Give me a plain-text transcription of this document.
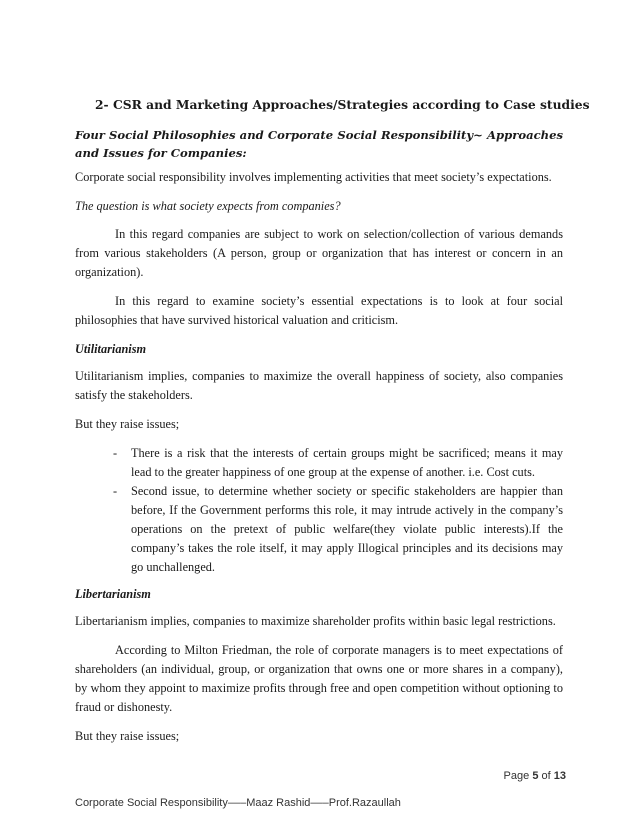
2- CSR and Marketing Approaches/Strategies according to Case studies
Four Social Philosophies and Corporate Social Responsibility~ Approaches and Issues for Companies:

Corporate social responsibility involves implementing activities that meet society’s expectations.

The question is what society expects from companies?

In this regard companies are subject to work on selection/collection of various demands from various stakeholders (A person, group or organization that has interest or concern in an organization).

In this regard to examine society’s essential expectations is to look at four social philosophies that have survived historical valuation and criticism.

Utilitarianism

Utilitarianism implies, companies to maximize the overall happiness of society, also companies satisfy the stakeholders.

But they raise issues;

- There is a risk that the interests of certain groups might be sacrificed; means it may lead to the greater happiness of one group at the expense of another. i.e. Cost cuts.
- Second issue, to determine whether society or specific stakeholders are happier than before, If the Government performs this role, it may intrude actively in the company’s operations on the pretext of public welfare(they violate public interests).If the company’s takes the role itself, it may apply Illogical principles and its decisions may go unchallenged.

Libertarianism

Libertarianism implies, companies to maximize shareholder profits within basic legal restrictions.

According to Milton Friedman, the role of corporate managers is to meet expectations of shareholders (an individual, group, or organization that owns one or more shares in a company), by whom they appoint to maximize profits through free and open competition without optioning to fraud or dishonesty.

But they raise issues;

Page 5 of 13
Corporate Social Responsibility–––Maaz Rashid–––Prof.Razaullah
